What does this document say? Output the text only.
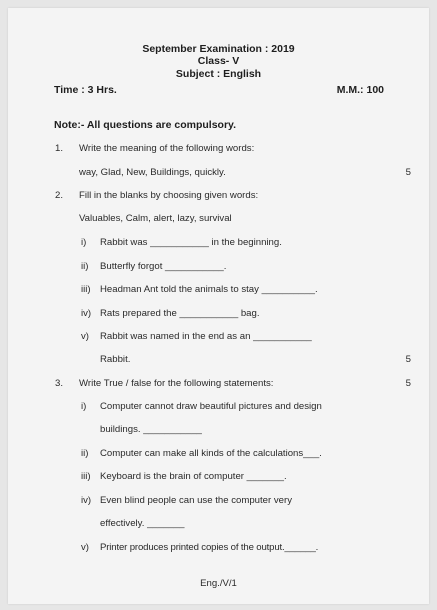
September Examination : 2019
Class- V
Subject : English
Time : 3 Hrs.	M.M.: 100
Note:- All questions are compulsory.
1. Write the meaning of the following words:
way, Glad, New, Buildings, quickly.	5
2. Fill in the blanks by choosing given words:
Valuables, Calm, alert, lazy, survival
i) Rabbit was ___________ in the beginning.
ii) Butterfly forgot ___________.
iii) Headman Ant told the animals to stay __________.
iv) Rats prepared the ___________ bag.
v) Rabbit was named in the end as an ___________
Rabbit.	5
3. Write True / false for the following statements:	5
i) Computer cannot draw beautiful pictures and design
buildings. ___________
ii) Computer can make all kinds of the calculations___.
iii) Keyboard is the brain of computer _______.
iv) Even blind people can use the computer very
effectively. _______
v) Printer produces printed copies of the output.______.
Eng./V/1
